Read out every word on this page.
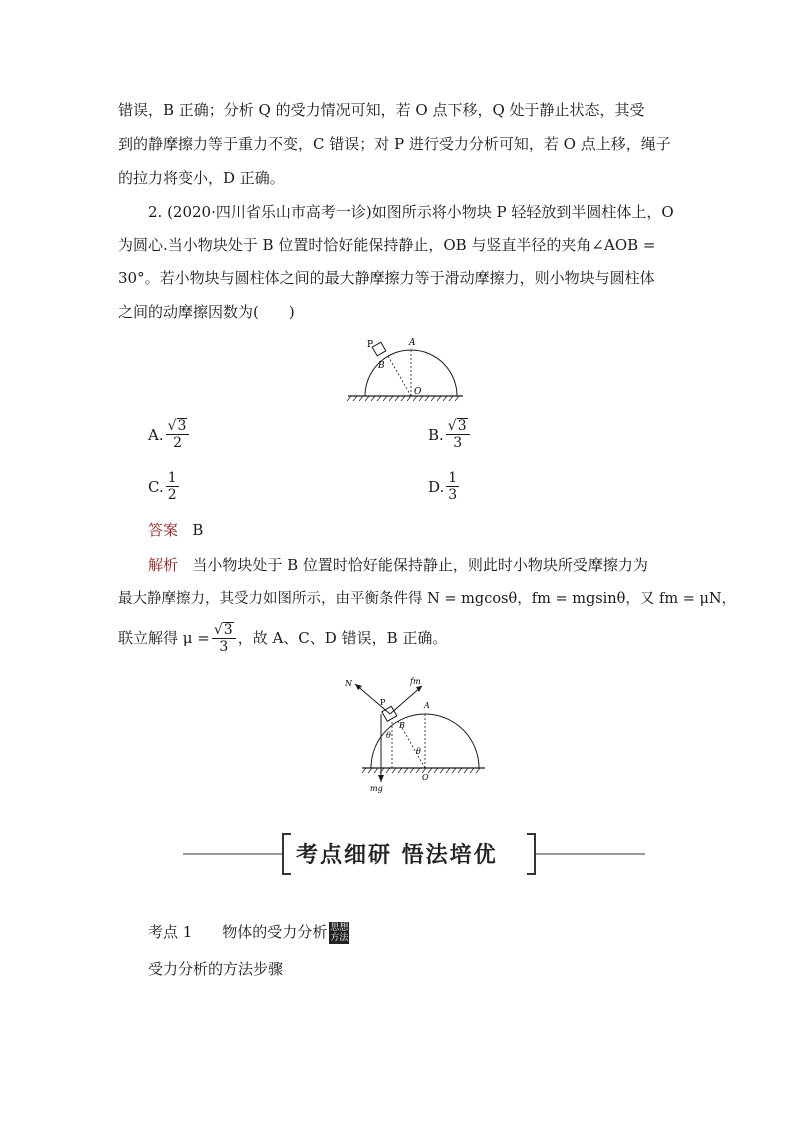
错误，B 正确；分析 Q 的受力情况可知，若 O 点下移，Q 处于静止状态，其受
到的静摩擦力等于重力不变，C 错误；对 P 进行受力分析可知，若 O 点上移，绳子
的拉力将变小，D 正确。
2. (2020·四川省乐山市高考一诊)如图所示将小物块 P 轻轻放到半圆柱体上，O
为圆心.当小物块处于 B 位置时恰好能保持静止，OB 与竖直半径的夹角∠AOB =
30°。若小物块与圆柱体之间的最大静摩擦力等于滑动摩擦力，则小物块与圆柱体
之间的动摩擦因数为(　　)
P	A
B
O
A. $\frac{√ 3}{2}$	B. $\frac{√ 3}{3}$
C. $\frac{1}{2}$	D. $\frac{1}{3}$
答案 B
解析 当小物块处于 B 位置时恰好能保持静止，则此时小物块所受摩擦力为
最大静摩擦力，其受力如图所示，由平衡条件得 N = mgcosθ，fm = mgsinθ，又 fm = μN，
联立解得 $\mu = \frac{√ 3}{3}$ ，故 A、C、D 错误，B 正确。
N	fm
P	A
B
θ
θ
O
mg
考点细研 悟法培优
考点 1　　物体的受力分析 思想
方法
受力分析的方法步骤
